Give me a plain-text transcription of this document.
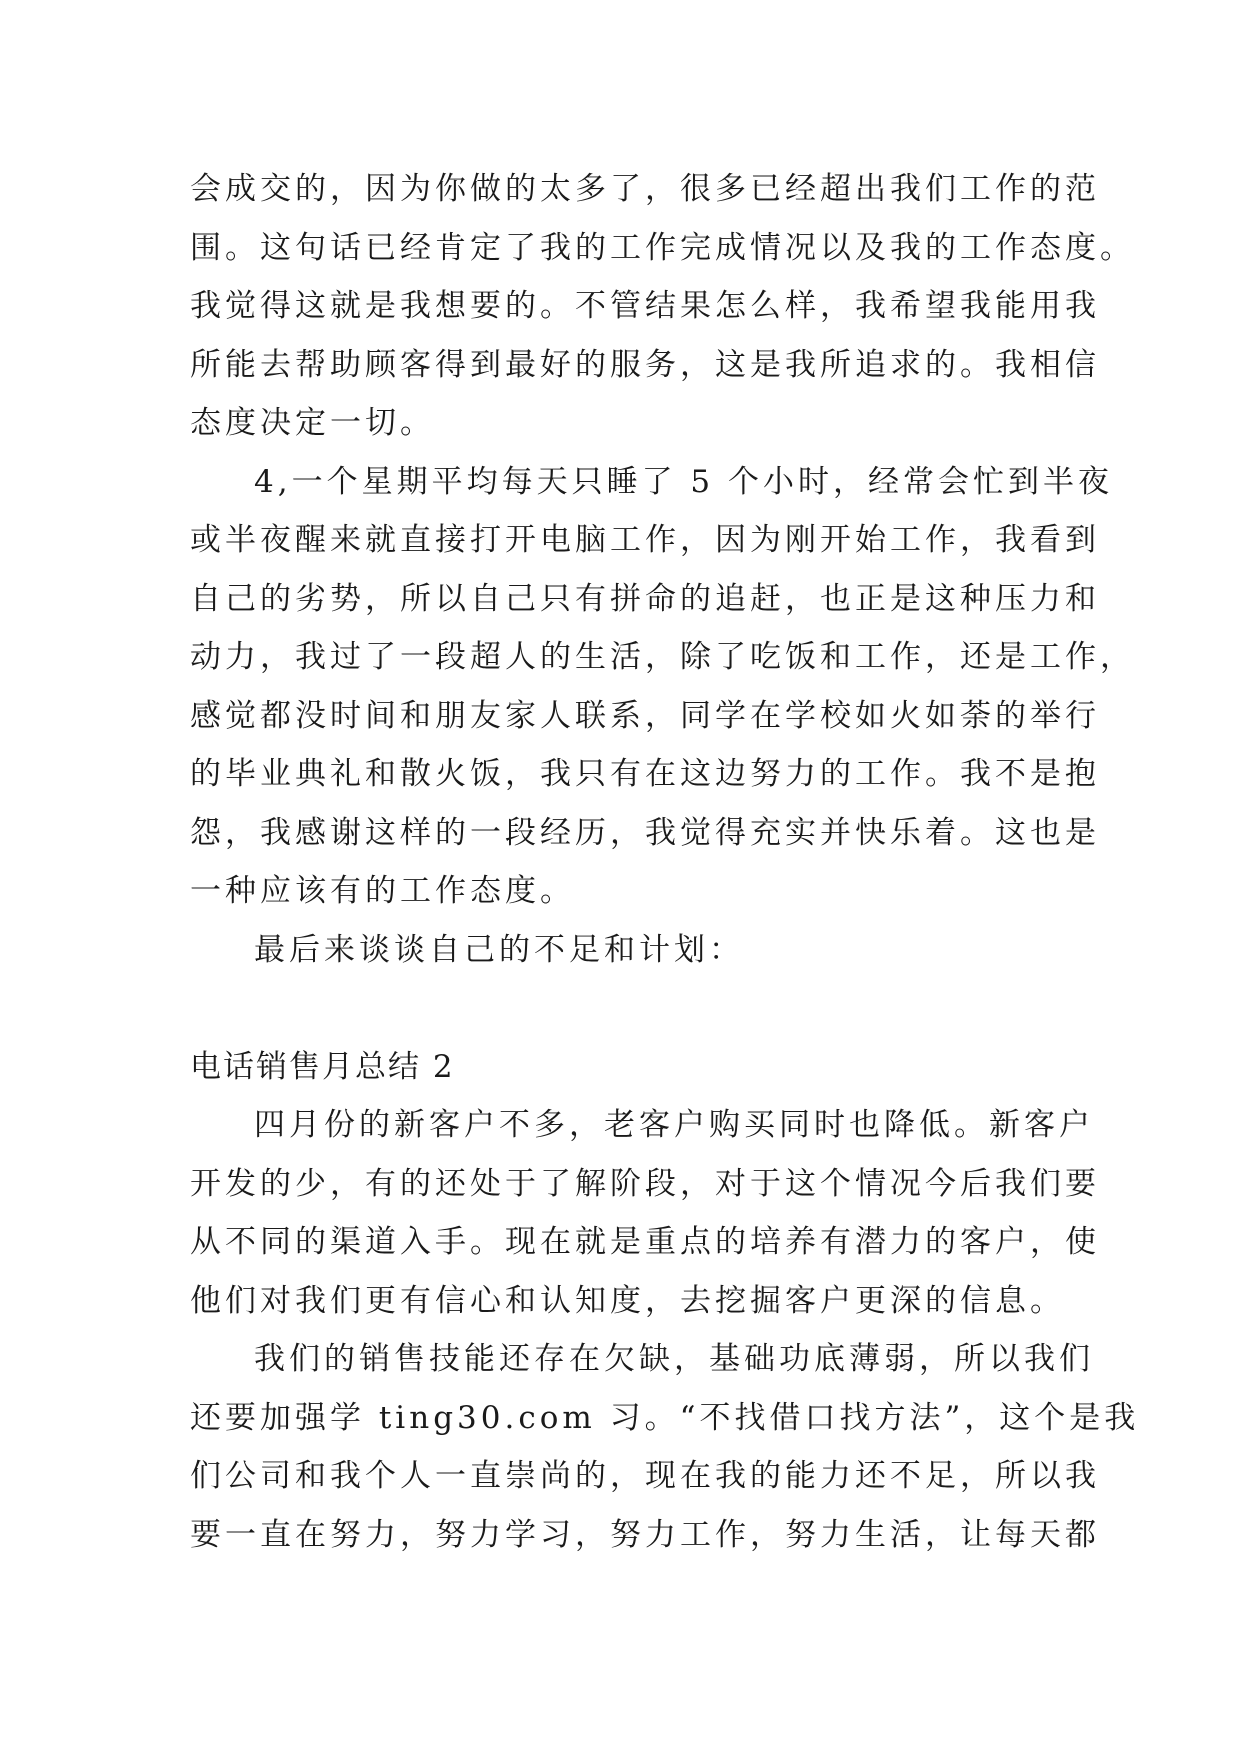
会成交的，因为你做的太多了，很多已经超出我们工作的范
围。这句话已经肯定了我的工作完成情况以及我的工作态度。
我觉得这就是我想要的。不管结果怎么样，我希望我能用我
所能去帮助顾客得到最好的服务，这是我所追求的。我相信
态度决定一切。
4,一个星期平均每天只睡了 5 个小时，经常会忙到半夜
或半夜醒来就直接打开电脑工作，因为刚开始工作，我看到
自己的劣势，所以自己只有拼命的追赶，也正是这种压力和
动力，我过了一段超人的生活，除了吃饭和工作，还是工作，
感觉都没时间和朋友家人联系，同学在学校如火如荼的举行
的毕业典礼和散火饭，我只有在这边努力的工作。我不是抱
怨，我感谢这样的一段经历，我觉得充实并快乐着。这也是
一种应该有的工作态度。
最后来谈谈自己的不足和计划：
电话销售月总结 2
四月份的新客户不多，老客户购买同时也降低。新客户
开发的少，有的还处于了解阶段，对于这个情况今后我们要
从不同的渠道入手。现在就是重点的培养有潜力的客户，使
他们对我们更有信心和认知度，去挖掘客户更深的信息。
我们的销售技能还存在欠缺，基础功底薄弱，所以我们
还要加强学 ting30.com 习。“不找借口找方法”，这个是我
们公司和我个人一直崇尚的，现在我的能力还不足，所以我
要一直在努力，努力学习，努力工作，努力生活，让每天都
